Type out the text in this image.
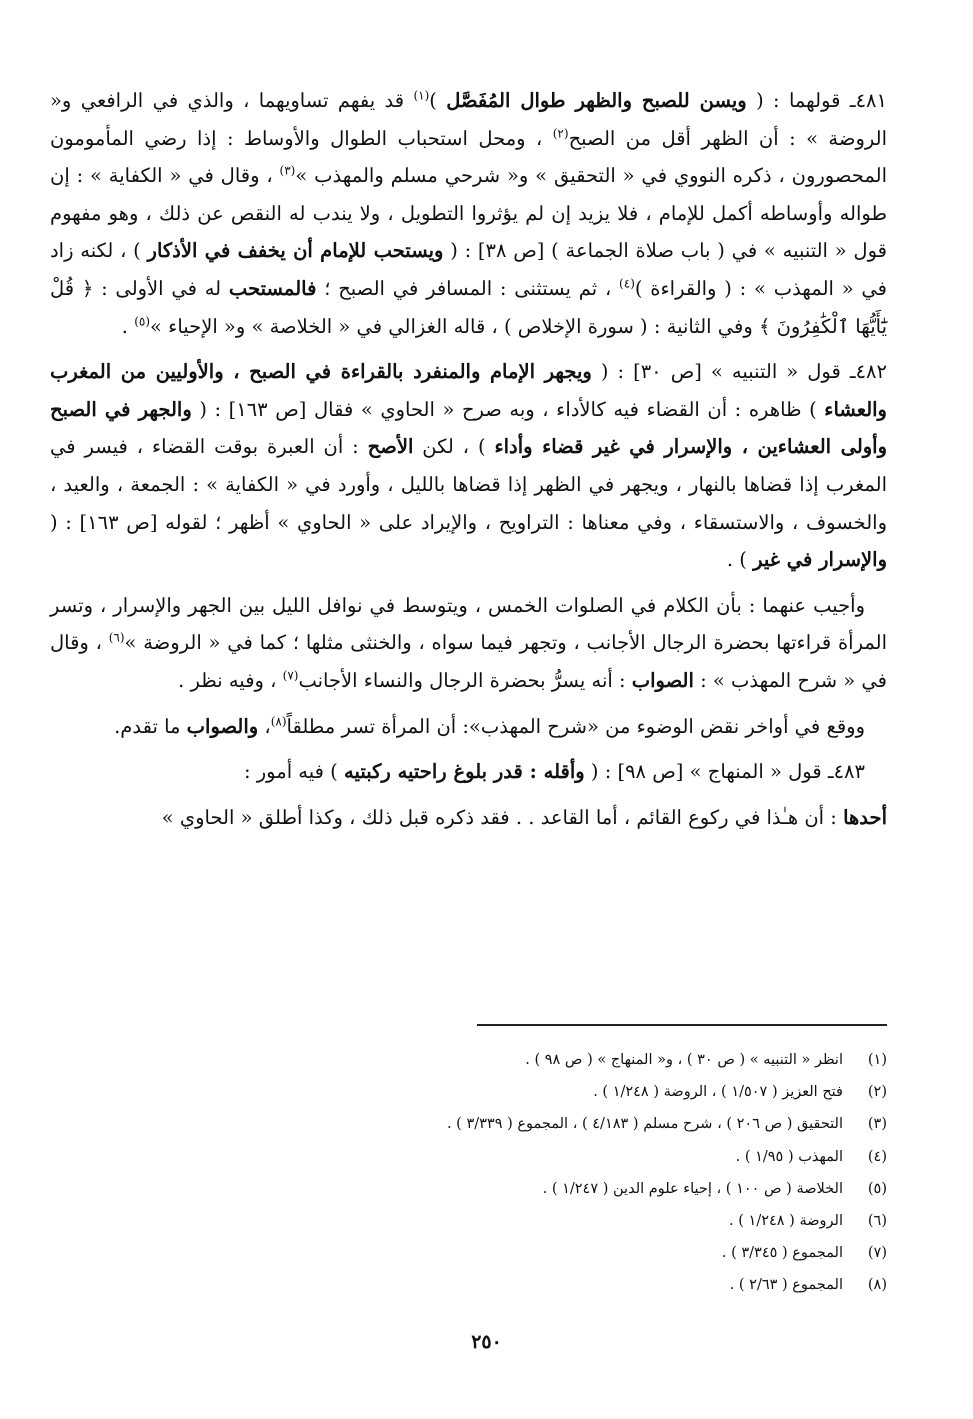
٤٨١ـ قولهما : ( ويسن للصبح والظهر طوال المُفَصَّل )$^{(١)}$ قد يفهم تساويهما ، والذي في الرافعي و« الروضة » : أن الظهر أقل من الصبح$^{(٢)}$ ، ومحل استحباب الطوال والأوساط : إذا رضي المأمومون المحصورون ، ذكره النووي في « التحقيق » و« شرحي مسلم والمهذب »$^{(٣)}$ ، وقال في « الكفاية » : إن طواله وأوساطه أكمل للإمام ، فلا يزيد إن لم يؤثروا التطويل ، ولا يندب له النقص عن ذلك ، وهو مفهوم قول « التنبيه » في ( باب صلاة الجماعة ) [ص ٣٨] : ( ويستحب للإمام أن يخفف في الأذكار ) ، لكنه زاد في « المهذب » : ( والقراءة )$^{(٤)}$ ، ثم يستثنى : المسافر في الصبح ؛ فالمستحب له في الأولى : ﴿ قُلْ يَٰٓأَيُّهَا ٱلْكَٰفِرُونَ ﴾ وفي الثانية : ( سورة الإخلاص ) ، قاله الغزالي في « الخلاصة » و« الإحياء »$^{(٥)}$ .

٤٨٢ـ قول « التنبيه » [ص ٣٠] : ( ويجهر الإمام والمنفرد بالقراءة في الصبح ، والأوليين من المغرب والعشاء ) ظاهره : أن القضاء فيه كالأداء ، وبه صرح « الحاوي » فقال [ص ١٦٣] : ( والجهر في الصبح وأولى العشاءين ، والإسرار في غير قضاء وأداء ) ، لكن الأصح : أن العبرة بوقت القضاء ، فيسر في المغرب إذا قضاها بالنهار ، ويجهر في الظهر إذا قضاها بالليل ، وأورد في « الكفاية » : الجمعة ، والعيد ، والخسوف ، والاستسقاء ، وفي معناها : التراويح ، والإيراد على « الحاوي » أظهر ؛ لقوله [ص ١٦٣] : ( والإسرار في غير ) .

وأجيب عنهما : بأن الكلام في الصلوات الخمس ، ويتوسط في نوافل الليل بين الجهر والإسرار ، وتسر المرأة قراءتها بحضرة الرجال الأجانب ، وتجهر فيما سواه ، والخنثى مثلها ؛ كما في « الروضة »$^{(٦)}$ ، وقال في « شرح المهذب » : الصواب : أنه يسرُّ بحضرة الرجال والنساء الأجانب$^{(٧)}$ ، وفيه نظر .

ووقع في أواخر نقض الوضوء من «شرح المهذب»: أن المرأة تسر مطلقاً$^{(٨)}$، والصواب ما تقدم.

٤٨٣ـ قول « المنهاج » [ص ٩٨] : ( وأقله : قدر بلوغ راحتيه ركبتيه ) فيه أمور :

أحدها : أن هـٰذا في ركوع القائم ، أما القاعد . . فقد ذكره قبل ذلك ، وكذا أطلق « الحاوي »

(١)
انظر « التنبيه » ( ص ٣٠ ) ، و« المنهاج » ( ص ٩٨ ) .
(٢)
فتح العزيز ( ١/٥٠٧ ) ، الروضة ( ١/٢٤٨ ) .
(٣)
التحقيق ( ص ٢٠٦ ) ، شرح مسلم ( ٤/١٨٣ ) ، المجموع ( ٣/٣٣٩ ) .
(٤)
المهذب ( ١/٩٥ ) .
(٥)
الخلاصة ( ص ١٠٠ ) ، إحياء علوم الدين ( ١/٢٤٧ ) .
(٦)
الروضة ( ١/٢٤٨ ) .
(٧)
المجموع ( ٣/٣٤٥ ) .
(٨)
المجموع ( ٢/٦٣ ) .
٢٥٠
